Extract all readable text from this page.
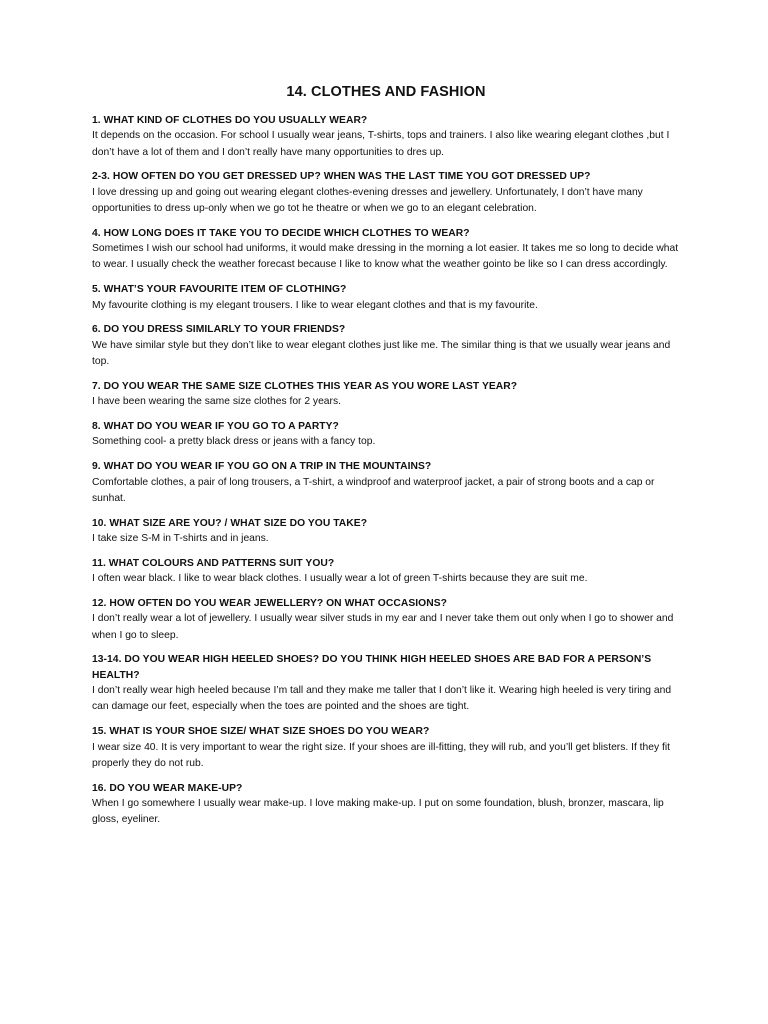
14. CLOTHES AND FASHION

1. WHAT KIND OF CLOTHES DO YOU USUALLY WEAR?

It depends on the occasion. For school I usually wear jeans, T-shirts, tops and trainers. I also like wearing elegant clothes ,but I don’t have a lot of them and I don’t really have many opportunities to dres up.

2-3. HOW OFTEN DO YOU GET DRESSED UP? WHEN WAS THE LAST TIME YOU GOT DRESSED UP?

I love dressing up and going out wearing elegant clothes-evening dresses and jewellery. Unfortunately, I don’t have many opportunities to dress up-only when we go tot he theatre or when we go to an elegant celebration.

4. HOW LONG DOES IT TAKE YOU TO DECIDE WHICH CLOTHES TO WEAR?

Sometimes I wish our school had uniforms, it would make dressing in the morning a lot easier. It takes me so long to decide what to wear. I usually check the weather forecast because I like to know what the weather gointo be like so I can dress accordingly.

5. WHAT’S YOUR FAVOURITE ITEM OF CLOTHING?

My favourite clothing is my elegant trousers. I like to wear elegant clothes and that is my favourite.

6. DO YOU DRESS SIMILARLY TO YOUR FRIENDS?

We have similar style but they don’t like to wear elegant clothes just like me. The similar thing is that we usually wear jeans and top.

7. DO YOU WEAR THE SAME SIZE CLOTHES THIS YEAR AS YOU WORE LAST YEAR?

I have been wearing the same size clothes for 2 years.

8. WHAT DO YOU WEAR IF YOU GO TO A PARTY?

Something cool- a pretty black dress or jeans with a fancy top.

9. WHAT DO YOU WEAR IF YOU GO ON A TRIP IN THE MOUNTAINS?

Comfortable clothes, a pair of long trousers, a T-shirt, a windproof and waterproof jacket, a pair of strong boots and a cap or sunhat.

10. WHAT SIZE ARE YOU? / WHAT SIZE DO YOU TAKE?

I take size S-M in T-shirts and in jeans.

11. WHAT COLOURS AND PATTERNS SUIT YOU?

I often wear black. I like to wear black clothes. I usually wear a lot of green T-shirts because they are suit me.

12. HOW OFTEN DO YOU WEAR JEWELLERY? ON WHAT OCCASIONS?

I don’t really wear a lot of jewellery. I usually wear silver studs in my ear and I never take them out only when I go to shower and when I go to sleep.

13-14. DO YOU WEAR HIGH HEELED SHOES? DO YOU THINK HIGH HEELED SHOES ARE BAD FOR A PERSON’S HEALTH?

I don’t really wear high heeled because I’m tall and they make me taller that I don’t like it. Wearing high heeled is very tiring and can damage our feet, especially when the toes are pointed and the shoes are tight.

15. WHAT IS YOUR SHOE SIZE/ WHAT SIZE SHOES DO YOU WEAR?

I wear size 40. It is very important to wear the right size. If your shoes are ill-fitting, they will rub, and you’ll get blisters. If they fit properly they do not rub.

16. DO YOU WEAR MAKE-UP?

When I go somewhere I usually wear make-up. I love making make-up. I put on some foundation, blush, bronzer, mascara, lip gloss, eyeliner.
